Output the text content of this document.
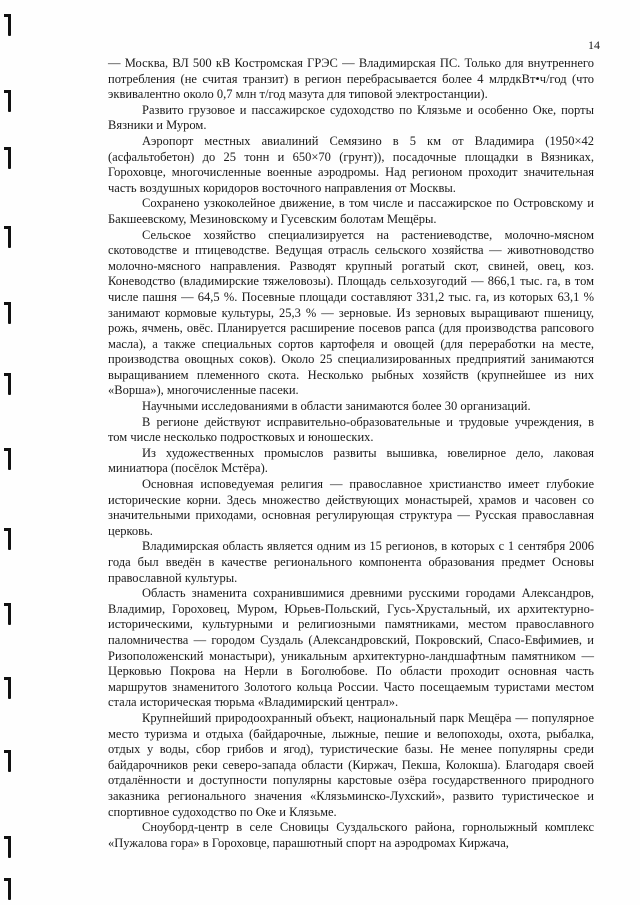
14

— Москва, ВЛ 500 кВ Костромская ГРЭС — Владимирская ПС. Только для внутреннего потребления (не считая транзит) в регион перебрасывается более 4 млрдкВт•ч/год (что эквивалентно около 0,7 млн т/год мазута для типовой электростанции).

Развито грузовое и пассажирское судоходство по Клязьме и особенно Оке, порты Вязники и Муром.

Аэропорт местных авиалиний Семязино в 5 км от Владимира (1950×42 (асфальтобетон) до 25 тонн и 650×70 (грунт)), посадочные площадки в Вязниках, Гороховце, многочисленные военные аэродромы. Над регионом проходит значительная часть воздушных коридоров восточного направления от Москвы.

Сохранено узкоколейное движение, в том числе и пассажирское по Островскому и Бакшеевскому, Мезиновскому и Гусевским болотам Мещёры.

Сельское хозяйство специализируется на растениеводстве, молочно-мясном скотоводстве и птицеводстве. Ведущая отрасль сельского хозяйства — животноводство молочно-мясного направления. Разводят крупный рогатый скот, свиней, овец, коз. Коневодство (владимирские тяжеловозы). Площадь сельхозугодий — 866,1 тыс. га, в том числе пашня — 64,5 %. Посевные площади составляют 331,2 тыс. га, из которых 63,1 % занимают кормовые культуры, 25,3 % — зерновые. Из зерновых выращивают пшеницу, рожь, ячмень, овёс. Планируется расширение посевов рапса (для производства рапсового масла), а также специальных сортов картофеля и овощей (для переработки на месте, производства овощных соков). Около 25 специализированных предприятий занимаются выращиванием племенного скота. Несколько рыбных хозяйств (крупнейшее из них «Ворша»), многочисленные пасеки.

Научными исследованиями в области занимаются более 30 организаций.

В регионе действуют исправительно-образовательные и трудовые учреждения, в том числе несколько подростковых и юношеских.

Из художественных промыслов развиты вышивка, ювелирное дело, лаковая миниатюра (посёлок Мстёра).

Основная исповедуемая религия — православное христианство имеет глубокие исторические корни. Здесь множество действующих монастырей, храмов и часовен со значительными приходами, основная регулирующая структура — Русская православная церковь.

Владимирская область является одним из 15 регионов, в которых с 1 сентября 2006 года был введён в качестве регионального компонента образования предмет Основы православной культуры.

Область знаменита сохранившимися древними русскими городами Александров, Владимир, Гороховец, Муром, Юрьев-Польский, Гусь-Хрустальный, их архитектурно-историческими, культурными и религиозными памятниками, местом православного паломничества — городом Суздаль (Александровский, Покровский, Спасо-Евфимиев, и Ризоположенский монастыри), уникальным архитектурно-ландшафтным памятником — Церковью Покрова на Нерли в Боголюбове. По области проходит основная часть маршрутов знаменитого Золотого кольца России. Часто посещаемым туристами местом стала историческая тюрьма «Владимирский централ».

Крупнейший природоохранный объект, национальный парк Мещёра — популярное место туризма и отдыха (байдарочные, лыжные, пешие и велопоходы, охота, рыбалка, отдых у воды, сбор грибов и ягод), туристические базы. Не менее популярны среди байдарочников реки северо-запада области (Киржач, Пекша, Колокша). Благодаря своей отдалённости и доступности популярны карстовые озёра государственного природного заказника регионального значения «Клязьминско-Лухский», развито туристическое и спортивное судоходство по Оке и Клязьме.

Сноуборд-центр в селе Сновицы Суздальского района, горнолыжный комплекс «Пужалова гора» в Гороховце, парашютный спорт на аэродромах Киржача,
